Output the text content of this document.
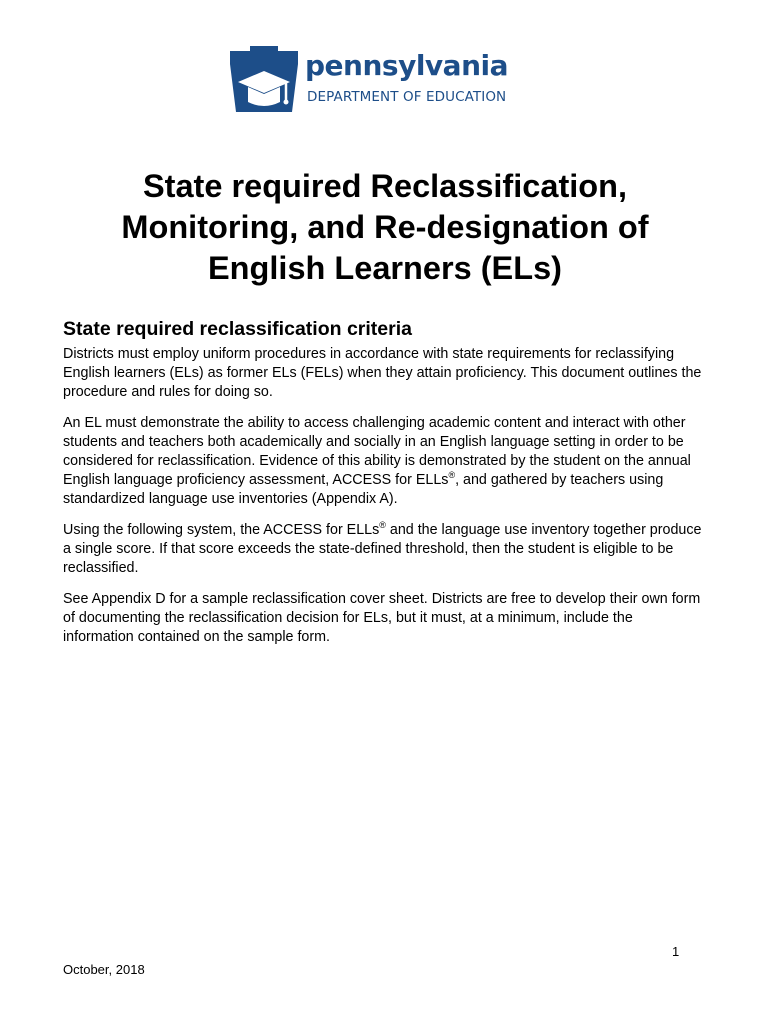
pennsylvania
DEPARTMENT OF EDUCATION
State required Reclassification,
Monitoring, and Re-designation of
English Learners (ELs)
State required reclassification criteria

Districts must employ uniform procedures in accordance with state requirements for reclassifying English learners (ELs) as former ELs (FELs) when they attain proficiency. This document outlines the procedure and rules for doing so.

An EL must demonstrate the ability to access challenging academic content and interact with other students and teachers both academically and socially in an English language setting in order to be considered for reclassification. Evidence of this ability is demonstrated by the student on the annual English language proficiency assessment, ACCESS for ELLs®, and gathered by teachers using standardized language use inventories (Appendix A).

Using the following system, the ACCESS for ELLs® and the language use inventory together produce a single score. If that score exceeds the state-defined threshold, then the student is eligible to be reclassified.

See Appendix D for a sample reclassification cover sheet. Districts are free to develop their own form of documenting the reclassification decision for ELs, but it must, at a minimum, include the information contained on the sample form.

1
October, 2018
